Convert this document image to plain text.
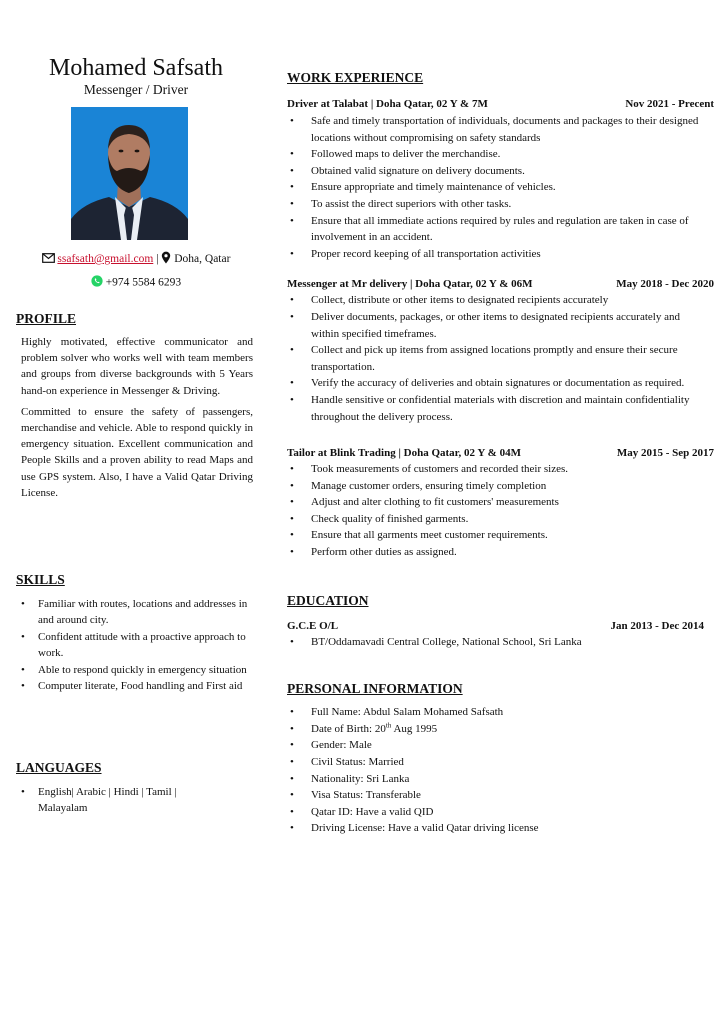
Mohamed Safsath

Messenger / Driver

ssafsath@gmail.com | Doha, Qatar
+974 5584 6293
PROFILE

Highly motivated, effective communicator and problem solver who works well with team members and groups from diverse backgrounds with 5 Years hand-on experience in Messenger & Driving.

Committed to ensure the safety of passengers, merchandise and vehicle. Able to respond quickly in emergency situation. Excellent communication and People Skills and a proven ability to read Maps and use GPS system. Also, I have a Valid Qatar Driving License.

SKILLS
• Familiar with routes, locations and addresses in and around city.
• Confident attitude with a proactive approach to work.
• Able to respond quickly in emergency situation
• Computer literate, Food handling and First aid
LANGUAGES
• English| Arabic | Hindi | Tamil | Malayalam
WORK EXPERIENCE
Driver at Talabat | Doha Qatar, 02 Y & 7M	Nov 2021 - Precent
• Safe and timely transportation of individuals, documents and packages to their designed locations without compromising on safety standards
• Followed maps to deliver the merchandise.
• Obtained valid signature on delivery documents.
• Ensure appropriate and timely maintenance of vehicles.
• To assist the direct superiors with other tasks.
• Ensure that all immediate actions required by rules and regulation are taken in case of involvement in an accident.
• Proper record keeping of all transportation activities
Messenger at Mr delivery | Doha Qatar, 02 Y & 06M	May 2018 - Dec 2020
• Collect, distribute or other items to designated recipients accurately
• Deliver documents, packages, or other items to designated recipients accurately and within specified timeframes.
• Collect and pick up items from assigned locations promptly and ensure their secure transportation.
• Verify the accuracy of deliveries and obtain signatures or documentation as required.
• Handle sensitive or confidential materials with discretion and maintain confidentiality throughout the delivery process.
Tailor at Blink Trading | Doha Qatar, 02 Y & 04M	May 2015 - Sep 2017
• Took measurements of customers and recorded their sizes.
• Manage customer orders, ensuring timely completion
• Adjust and alter clothing to fit customers' measurements
• Check quality of finished garments.
• Ensure that all garments meet customer requirements.
• Perform other duties as assigned.
EDUCATION
G.C.E O/L	Jan 2013 - Dec 2014
• BT/Oddamavadi Central College, National School, Sri Lanka
PERSONAL INFORMATION
• Full Name: Abdul Salam Mohamed Safsath
• Date of Birth: 20th Aug 1995
• Gender: Male
• Civil Status: Married
• Nationality: Sri Lanka
• Visa Status: Transferable
• Qatar ID: Have a valid QID
• Driving License: Have a valid Qatar driving license
